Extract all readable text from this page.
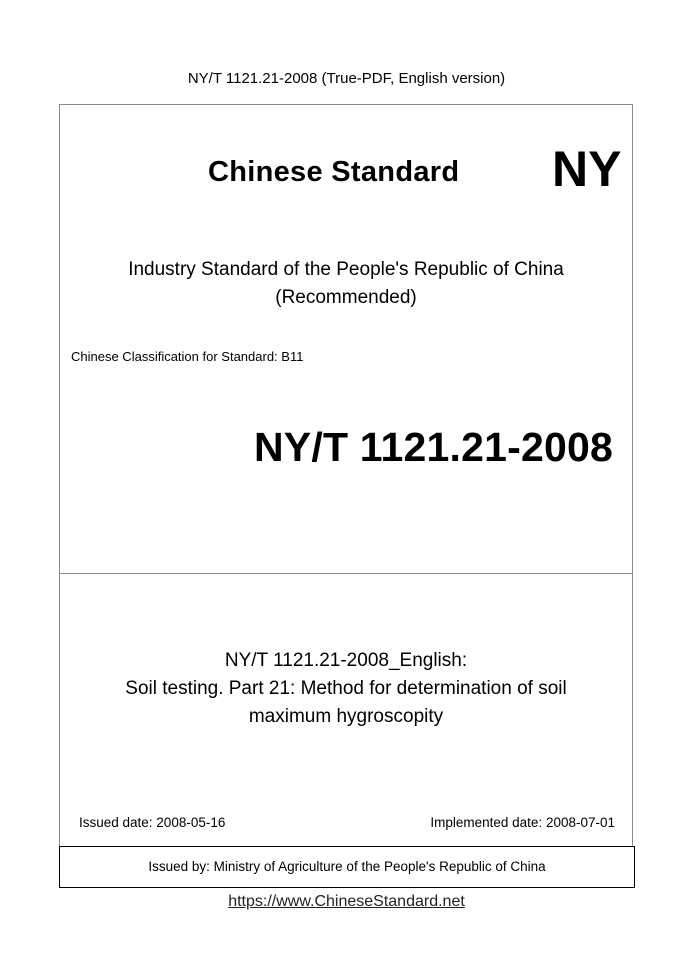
NY/T 1121.21-2008 (True-PDF, English version)
Chinese Standard NY
Industry Standard of the People's Republic of China
(Recommended)
Chinese Classification for Standard: B11
NY/T 1121.21-2008
NY/T 1121.21-2008_English:
Soil testing. Part 21: Method for determination of soil
maximum hygroscopity
Issued date: 2008-05-16	Implemented date: 2008-07-01
Issued by: Ministry of Agriculture of the People's Republic of China
https://www.ChineseStandard.net
